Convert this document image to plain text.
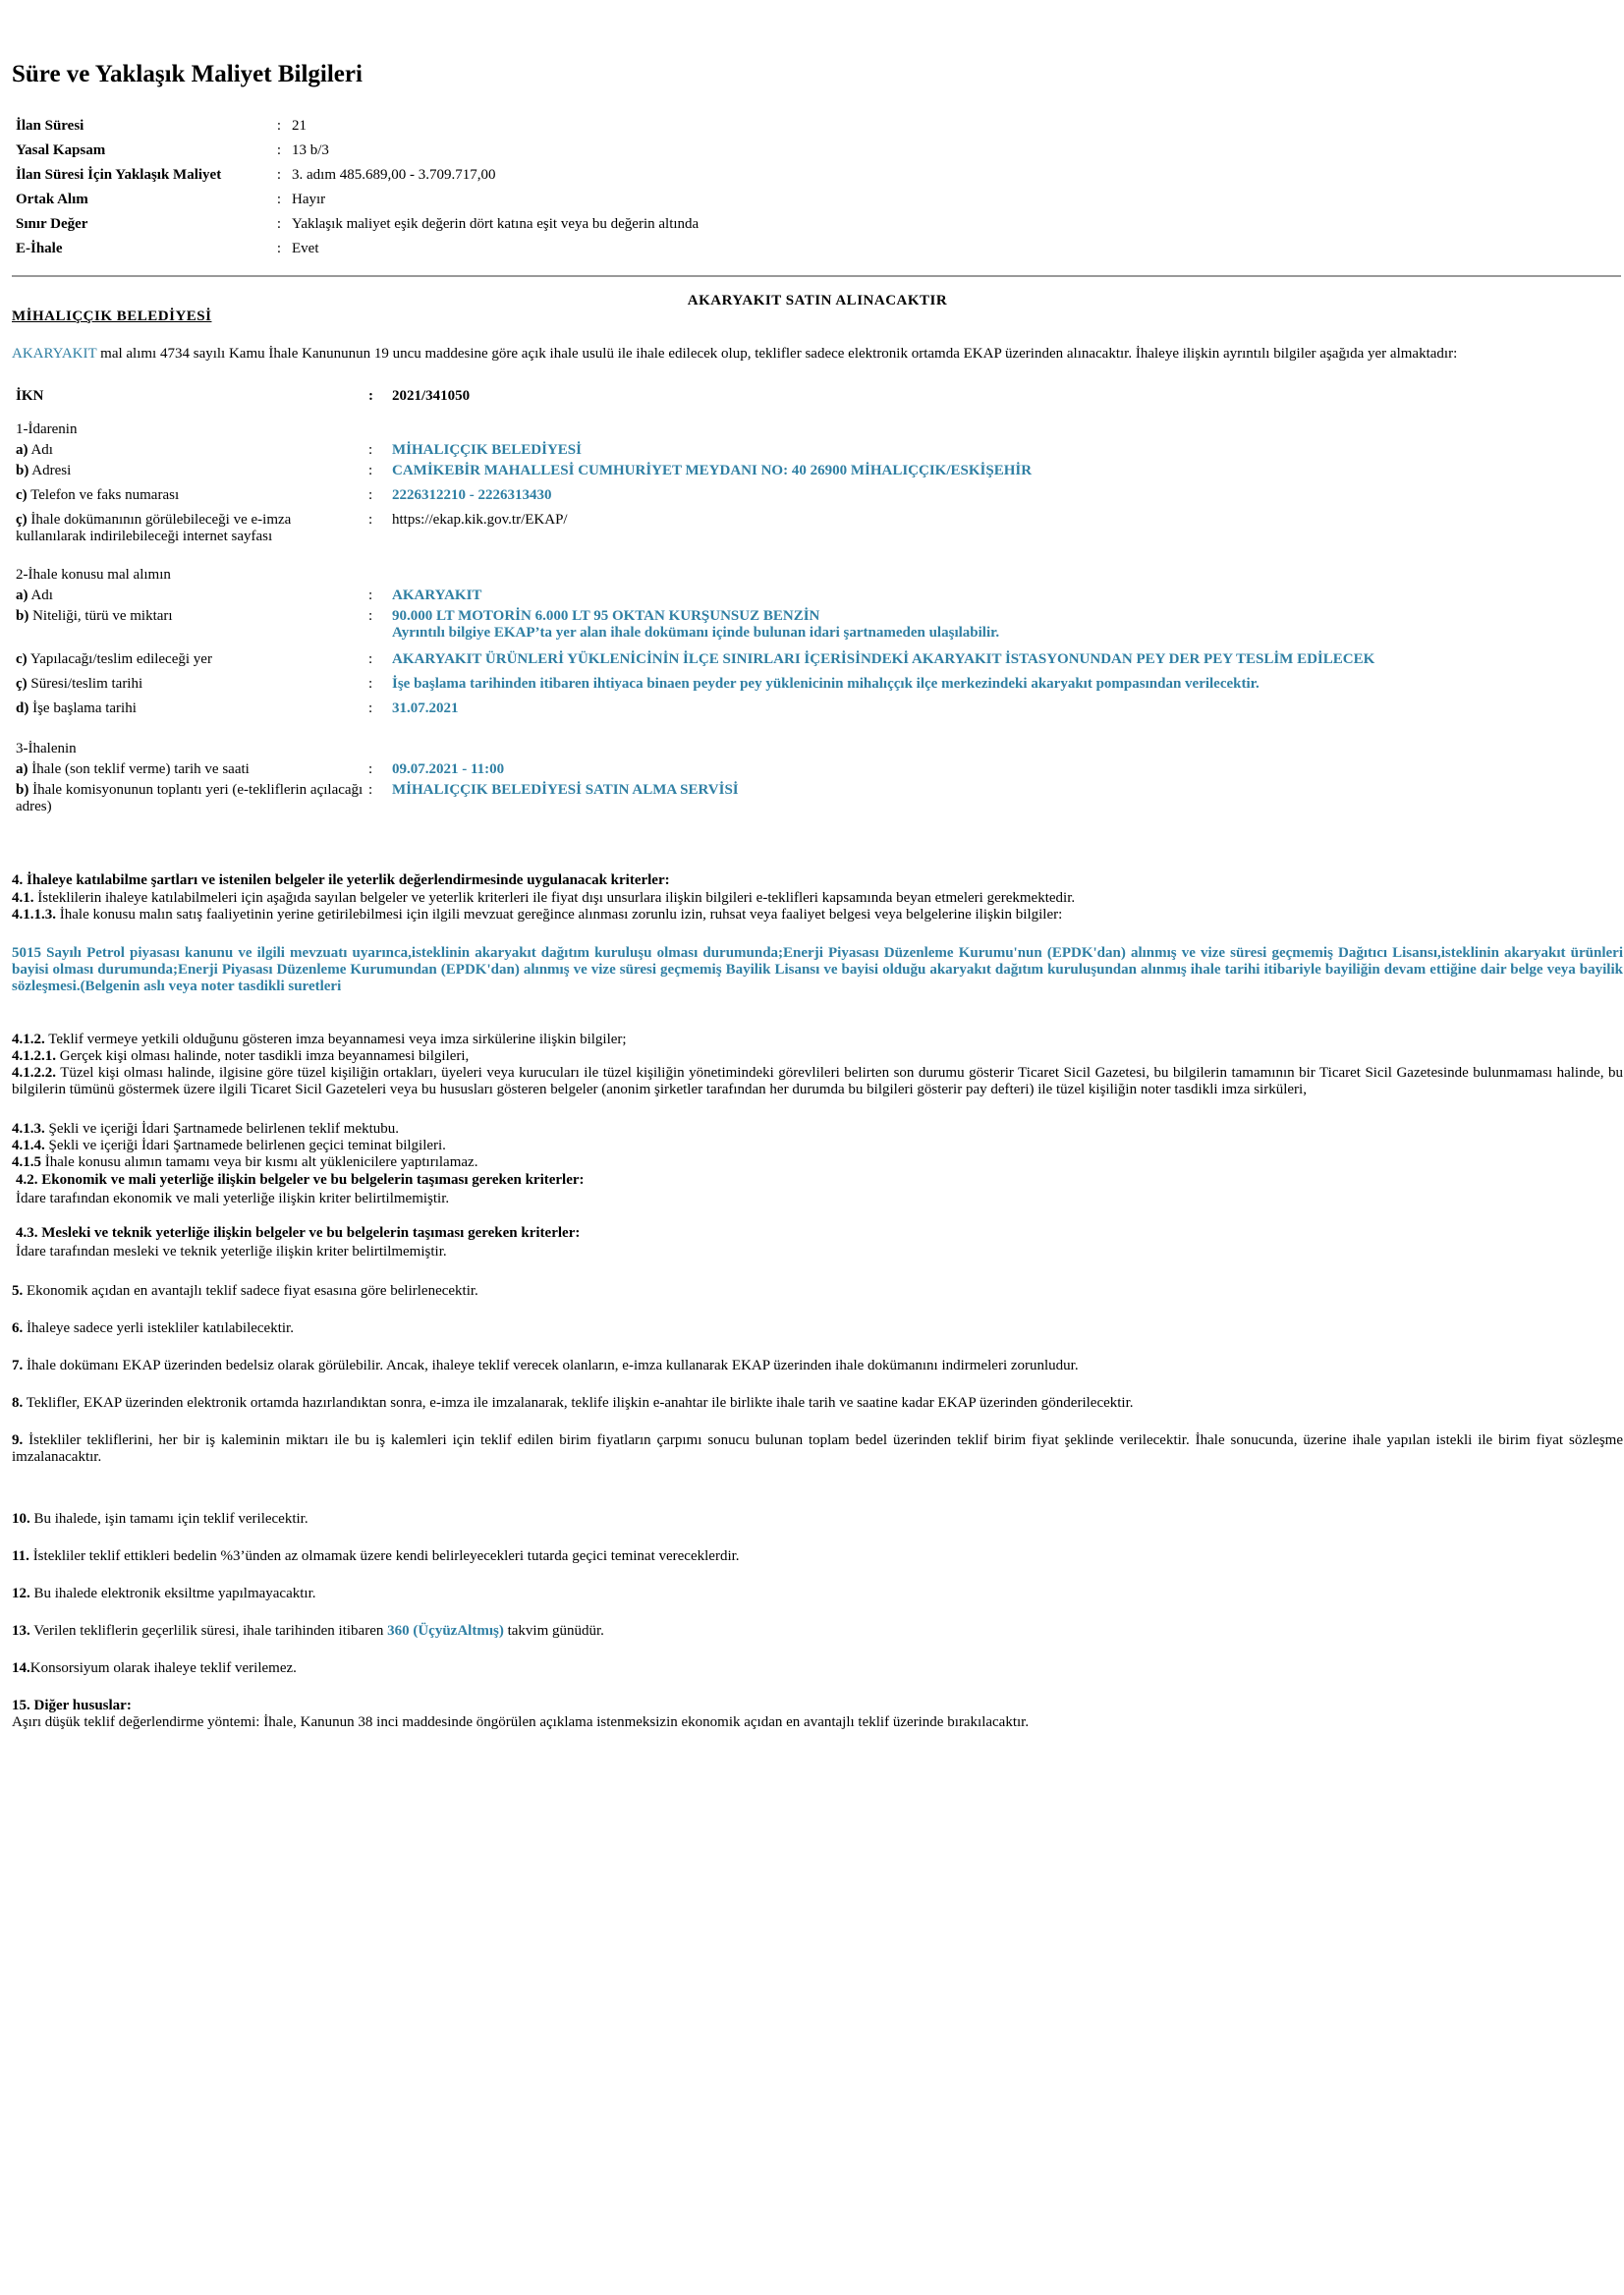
Süre ve Yaklaşık Maliyet Bilgileri
İlan Süresi	:	21
Yasal Kapsam	:	13 b/3
İlan Süresi İçin Yaklaşık Maliyet	:	3. adım 485.689,00 - 3.709.717,00
Ortak Alım	:	Hayır
Sınır Değer	:	Yaklaşık maliyet eşik değerin dört katına eşit veya bu değerin altında
E-İhale	:	Evet
AKARYAKIT SATIN ALINACAKTIR
MİHALIÇÇIK BELEDİYESİ
AKARYAKIT mal alımı 4734 sayılı Kamu İhale Kanununun 19 uncu maddesine göre açık ihale usulü ile ihale edilecek olup, teklifler sadece elektronik ortamda EKAP üzerinden alınacaktır. İhaleye ilişkin ayrıntılı bilgiler aşağıda yer almaktadır:
İKN	:	2021/341050
1-İdarenin		
a) Adı	:	MİHALIÇÇIK BELEDİYESİ
b) Adresi	:	CAMİKEBİR MAHALLESİ CUMHURİYET MEYDANI NO: 40 26900 MİHALIÇÇIK/ESKİŞEHİR
c) Telefon ve faks numarası	:	2226312210 - 2226313430
ç) İhale dokümanının görülebileceği ve e-imza kullanılarak indirilebileceği internet sayfası	:	https://ekap.kik.gov.tr/EKAP/
2-İhale konusu mal alımın		
a) Adı	:	AKARYAKIT
b) Niteliği, türü ve miktarı	:	90.000 LT MOTORİN 6.000 LT 95 OKTAN KURŞUNSUZ BENZİN
Ayrıntılı bilgiye EKAP’ta yer alan ihale dokümanı içinde bulunan idari şartnameden ulaşılabilir.

c) Yapılacağı/teslim edileceği yer	:	AKARYAKIT ÜRÜNLERİ YÜKLENİCİNİN İLÇE SINIRLARI İÇERİSİNDEKİ AKARYAKIT İSTASYONUNDAN PEY DER PEY TESLİM EDİLECEK
ç) Süresi/teslim tarihi	:	İşe başlama tarihinden itibaren ihtiyaca binaen peyder pey yüklenicinin mihalıççık ilçe merkezindeki akaryakıt pompasından verilecektir.
d) İşe başlama tarihi	:	31.07.2021
3-İhalenin		
a) İhale (son teklif verme) tarih ve saati	:	09.07.2021 - 11:00
b) İhale komisyonunun toplantı yeri (e-tekliflerin açılacağı adres)	:	MİHALIÇÇIK BELEDİYESİ SATIN ALMA SERVİSİ
4. İhaleye katılabilme şartları ve istenilen belgeler ile yeterlik değerlendirmesinde uygulanacak kriterler:
4.1. İsteklilerin ihaleye katılabilmeleri için aşağıda sayılan belgeler ve yeterlik kriterleri ile fiyat dışı unsurlara ilişkin bilgileri e-teklifleri kapsamında beyan etmeleri gerekmektedir.
4.1.1.3. İhale konusu malın satış faaliyetinin yerine getirilebilmesi için ilgili mevzuat gereğince alınması zorunlu izin, ruhsat veya faaliyet belgesi veya belgelerine ilişkin bilgiler:
5015 Sayılı Petrol piyasası kanunu ve ilgili mevzuatı uyarınca,isteklinin akaryakıt dağıtım kuruluşu olması durumunda;Enerji Piyasası Düzenleme Kurumu'nun (EPDK'dan) alınmış ve vize süresi geçmemiş Dağıtıcı Lisansı,isteklinin akaryakıt ürünleri bayisi olması durumunda;Enerji Piyasası Düzenleme Kurumundan (EPDK'dan) alınmış ve vize süresi geçmemiş Bayilik Lisansı ve bayisi olduğu akaryakıt dağıtım kuruluşundan alınmış ihale tarihi itibariyle bayiliğin devam ettiğine dair belge veya bayilik sözleşmesi.(Belgenin aslı veya noter tasdikli suretleri
4.1.2. Teklif vermeye yetkili olduğunu gösteren imza beyannamesi veya imza sirkülerine ilişkin bilgiler;
4.1.2.1. Gerçek kişi olması halinde, noter tasdikli imza beyannamesi bilgileri,
4.1.2.2. Tüzel kişi olması halinde, ilgisine göre tüzel kişiliğin ortakları, üyeleri veya kurucuları ile tüzel kişiliğin yönetimindeki görevlileri belirten son durumu gösterir Ticaret Sicil Gazetesi, bu bilgilerin tamamının bir Ticaret Sicil Gazetesinde bulunmaması halinde, bu bilgilerin tümünü göstermek üzere ilgili Ticaret Sicil Gazeteleri veya bu hususları gösteren belgeler (anonim şirketler tarafından her durumda bu bilgileri gösterir pay defteri) ile tüzel kişiliğin noter tasdikli imza sirküleri,
4.1.3. Şekli ve içeriği İdari Şartnamede belirlenen teklif mektubu.
4.1.4. Şekli ve içeriği İdari Şartnamede belirlenen geçici teminat bilgileri.
4.1.5 İhale konusu alımın tamamı veya bir kısmı alt yüklenicilere yaptırılamaz.
4.2. Ekonomik ve mali yeterliğe ilişkin belgeler ve bu belgelerin taşıması gereken kriterler:
İdare tarafından ekonomik ve mali yeterliğe ilişkin kriter belirtilmemiştir.
4.3. Mesleki ve teknik yeterliğe ilişkin belgeler ve bu belgelerin taşıması gereken kriterler:
İdare tarafından mesleki ve teknik yeterliğe ilişkin kriter belirtilmemiştir.
5. Ekonomik açıdan en avantajlı teklif sadece fiyat esasına göre belirlenecektir.
6. İhaleye sadece yerli istekliler katılabilecektir.
7. İhale dokümanı EKAP üzerinden bedelsiz olarak görülebilir. Ancak, ihaleye teklif verecek olanların, e-imza kullanarak EKAP üzerinden ihale dokümanını indirmeleri zorunludur.
8. Teklifler, EKAP üzerinden elektronik ortamda hazırlandıktan sonra, e-imza ile imzalanarak, teklife ilişkin e-anahtar ile birlikte ihale tarih ve saatine kadar EKAP üzerinden gönderilecektir.
9. İstekliler tekliflerini, her bir iş kaleminin miktarı ile bu iş kalemleri için teklif edilen birim fiyatların çarpımı sonucu bulunan toplam bedel üzerinden teklif birim fiyat şeklinde verilecektir. İhale sonucunda, üzerine ihale yapılan istekli ile birim fiyat sözleşme imzalanacaktır.
10. Bu ihalede, işin tamamı için teklif verilecektir.
11. İstekliler teklif ettikleri bedelin %3’ünden az olmamak üzere kendi belirleyecekleri tutarda geçici teminat vereceklerdir.
12. Bu ihalede elektronik eksiltme yapılmayacaktır.
13. Verilen tekliflerin geçerlilik süresi, ihale tarihinden itibaren 360 (ÜçyüzAltmış) takvim günüdür.
14.Konsorsiyum olarak ihaleye teklif verilemez.
15. Diğer hususlar:
Aşırı düşük teklif değerlendirme yöntemi: İhale, Kanunun 38 inci maddesinde öngörülen açıklama istenmeksizin ekonomik açıdan en avantajlı teklif üzerinde bırakılacaktır.
